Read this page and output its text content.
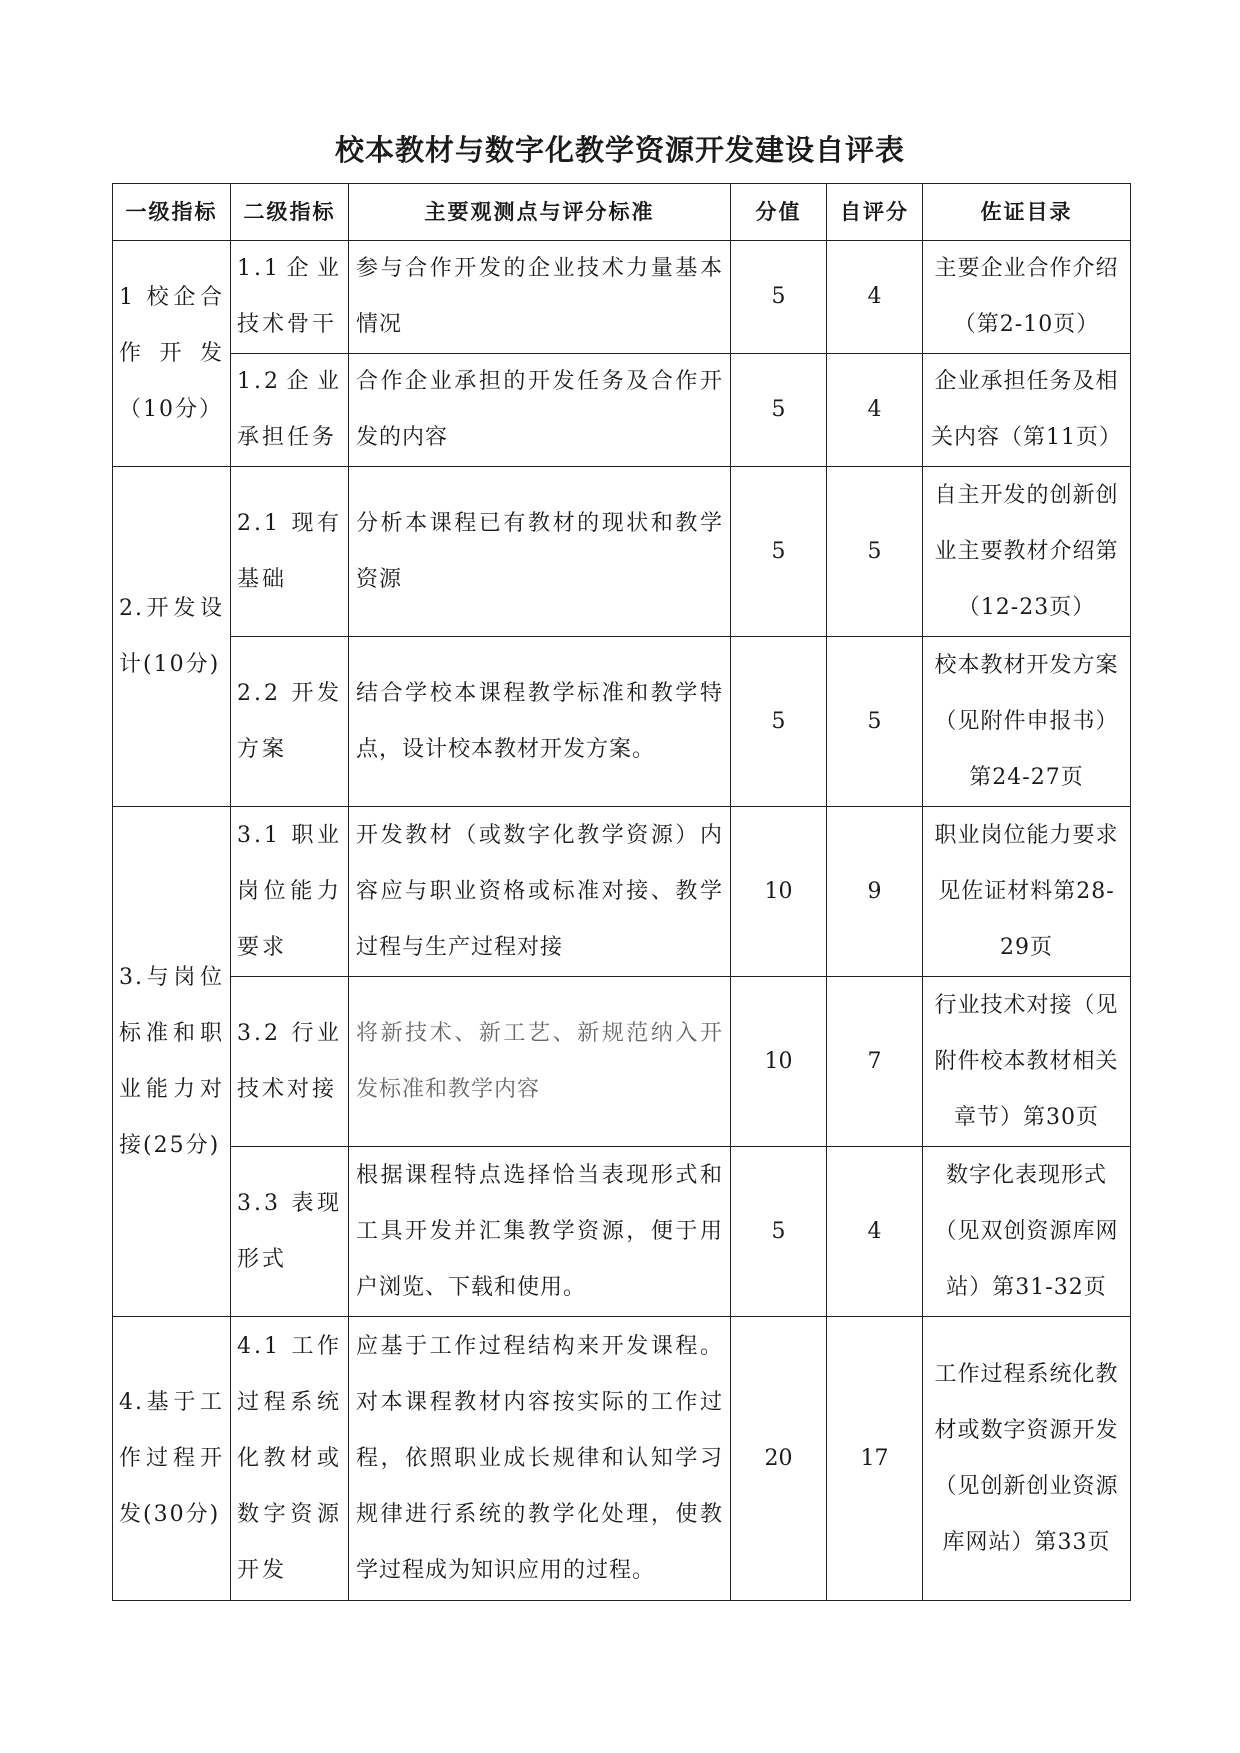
校本教材与数字化教学资源开发建设自评表
一级指标	二级指标	主要观测点与评分标准	分值	自评分	佐证目录
1 校企合作 开 发（10分）	1.1企业技术骨干	参与合作开发的企业技术力量基本情况	5	4	主要企业合作介绍（第2-10页）
	1.2企业承担任务	合作企业承担的开发任务及合作开发的内容	5	4	企业承担任务及相关内容（第11页）
2.开发设计(10分)	2.1 现有基础	分析本课程已有教材的现状和教学资源	5	5	自主开发的创新创业主要教材介绍第（12-23页）
	2.2 开发方案	结合学校本课程教学标准和教学特点，设计校本教材开发方案。	5	5	校本教材开发方案（见附件申报书）第24-27页
3.与岗位标准和职业能力对接(25分)	3.1 职业岗位能力要求	开发教材（或数字化教学资源）内容应与职业资格或标准对接、教学过程与生产过程对接	10	9	职业岗位能力要求见佐证材料第28-29页
	3.2 行业技术对接	将新技术、新工艺、新规范纳入开发标准和教学内容	10	7	行业技术对接（见附件校本教材相关章节）第30页
	3.3 表现形式	根据课程特点选择恰当表现形式和工具开发并汇集教学资源，便于用户浏览、下载和使用。	5	4	数字化表现形式（见双创资源库网站）第31-32页
4.基于工作过程开发(30分)	4.1 工作过程系统化教材或数字资源开发	应基于工作过程结构来开发课程。对本课程教材内容按实际的工作过程，依照职业成长规律和认知学习规律进行系统的教学化处理，使教学过程成为知识应用的过程。	20	17	工作过程系统化教材或数字资源开发（见创新创业资源库网站）第33页
